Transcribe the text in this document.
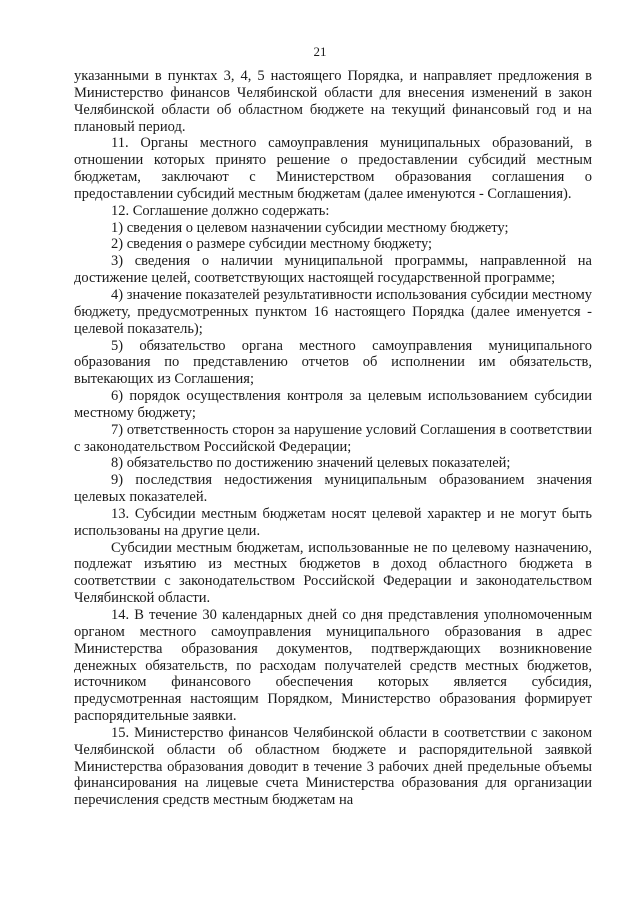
21

указанными в пунктах 3, 4, 5 настоящего Порядка, и направляет предложения в Министерство финансов Челябинской области для внесения изменений в закон Челябинской области об областном бюджете на текущий финансовый год и на плановый период.

11. Органы местного самоуправления муниципальных образований, в отношении которых принято решение о предоставлении субсидий местным бюджетам, заключают с Министерством образования соглашения о предоставлении субсидий местным бюджетам (далее именуются - Соглашения).

12. Соглашение должно содержать:

1) сведения о целевом назначении субсидии местному бюджету;

2) сведения о размере субсидии местному бюджету;

3) сведения о наличии муниципальной программы, направленной на достижение целей, соответствующих настоящей государственной программе;

4) значение показателей результативности использования субсидии местному бюджету, предусмотренных пунктом 16 настоящего Порядка (далее именуется - целевой показатель);

5) обязательство органа местного самоуправления муниципального образования по представлению отчетов об исполнении им обязательств, вытекающих из Соглашения;

6) порядок осуществления контроля за целевым использованием субсидии местному бюджету;

7) ответственность сторон за нарушение условий Соглашения в соответствии с законодательством Российской Федерации;

8) обязательство по достижению значений целевых показателей;

9) последствия недостижения муниципальным образованием значения целевых показателей.

13. Субсидии местным бюджетам носят целевой характер и не могут быть использованы на другие цели.

Субсидии местным бюджетам, использованные не по целевому назначению, подлежат изъятию из местных бюджетов в доход областного бюджета в соответствии с законодательством Российской Федерации и законодательством Челябинской области.

14. В течение 30 календарных дней со дня представления уполномоченным органом местного самоуправления муниципального образования в адрес Министерства образования документов, подтверждающих возникновение денежных обязательств, по расходам получателей средств местных бюджетов, источником финансового обеспечения которых является субсидия, предусмотренная настоящим Порядком, Министерство образования формирует распорядительные заявки.

15. Министерство финансов Челябинской области в соответствии с законом Челябинской области об областном бюджете и распорядительной заявкой Министерства образования доводит в течение 3 рабочих дней предельные объемы финансирования на лицевые счета Министерства образования для организации перечисления средств местным бюджетам на
